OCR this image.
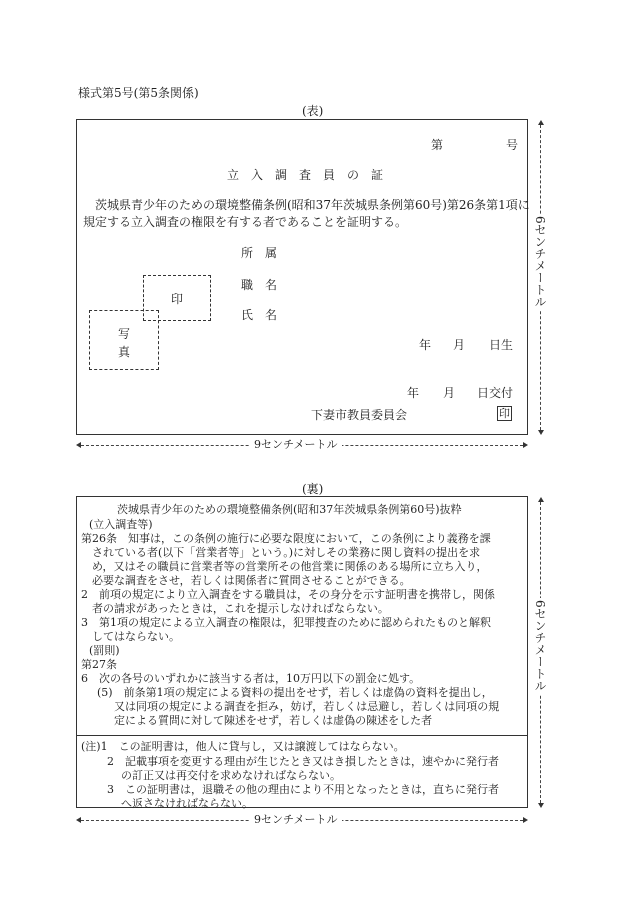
様式第5号(第5条関係)
(表)
第	号
立　入　調　査　員　の　証
　茨城県青少年のための環境整備条例(昭和37年茨城県条例第60号)第26条第1項に
規定する立入調査の権限を有する者であることを証明する。
所　属
職　名
氏　名
印
写
真	年 月 日生
年 月 日交付
下妻市教員委員会	印
6センチメートル
9センチメートル
(裏)
茨城県青少年のための環境整備条例(昭和37年茨城県条例第60号)抜粋
(立入調査等)
第26条　知事は，この条例の施行に必要な限度において，この条例により義務を課
　されている者(以下「営業者等」という。)に対しその業務に関し資料の提出を求
　め，又はその職員に営業者等の営業所その他営業に関係のある場所に立ち入り，
　必要な調査をさせ，若しくは関係者に質問させることができる。
2　前項の規定により立入調査をする職員は，その身分を示す証明書を携帯し，関係
　者の請求があったときは，これを提示しなければならない。
3　第1項の規定による立入調査の権限は，犯罪捜査のために認められたものと解釈
　してはならない。
(罰則)
第27条
6　次の各号のいずれかに該当する者は，10万円以下の罰金に処す。
(5)　前条第1項の規定による資料の提出をせず，若しくは虚偽の資料を提出し，
又は同項の規定による調査を拒み，妨げ，若しくは忌避し，若しくは同項の規
定による質問に対して陳述をせず，若しくは虚偽の陳述をした者
(注)1　この証明書は，他人に貸与し，又は譲渡してはならない。
2　記載事項を変更する理由が生じたとき又はき損したときは，速やかに発行者
の訂正又は再交付を求めなければならない。
3　この証明書は，退職その他の理由により不用となったときは，直ちに発行者
へ返さなければならない。
6センチメートル
9センチメートル
